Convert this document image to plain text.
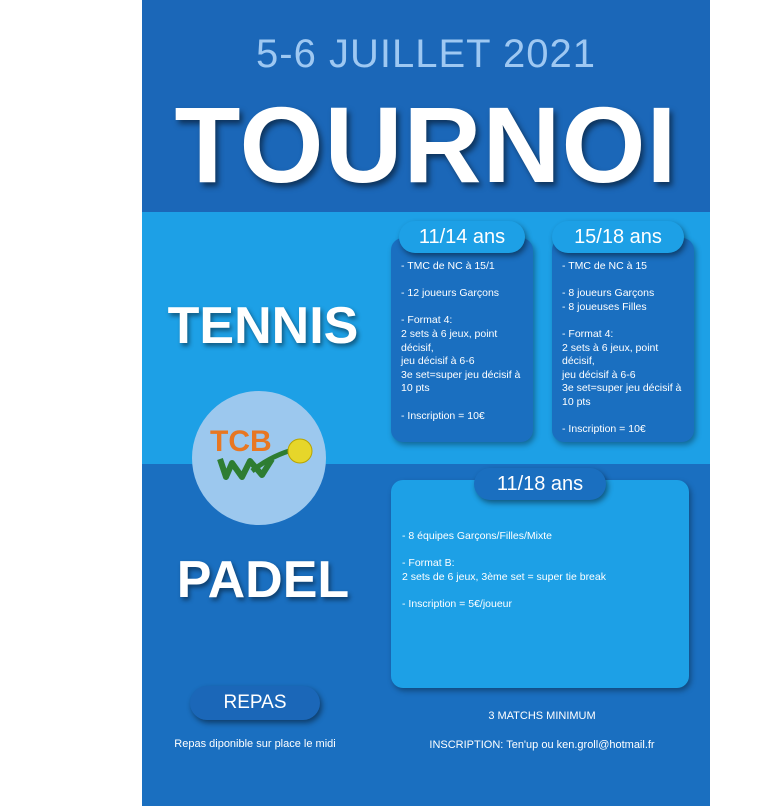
5-6 JUILLET 2021
TOURNOI
TENNIS
TCB
PADEL
11/14 ans
- TMC de NC à 15/1

- 12 joueurs Garçons

- Format 4:
2 sets à 6 jeux, point décisif,
jeu décisif à 6-6
3e set=super jeu décisif à 10 pts

- Inscription = 10€
15/18 ans
- TMC de NC à 15

- 8 joueurs Garçons
- 8 joueuses Filles

- Format 4:
2 sets à 6 jeux, point décisif,
jeu décisif à 6-6
3e set=super jeu décisif à 10 pts

- Inscription = 10€
11/18 ans
- 8 équipes Garçons/Filles/Mixte

- Format B:
2 sets de 6 jeux, 3ème set = super tie break

- Inscription = 5€/joueur
REPAS
Repas diponible sur place le midi
3 MATCHS MINIMUM
INSCRIPTION: Ten'up ou ken.groll@hotmail.fr
